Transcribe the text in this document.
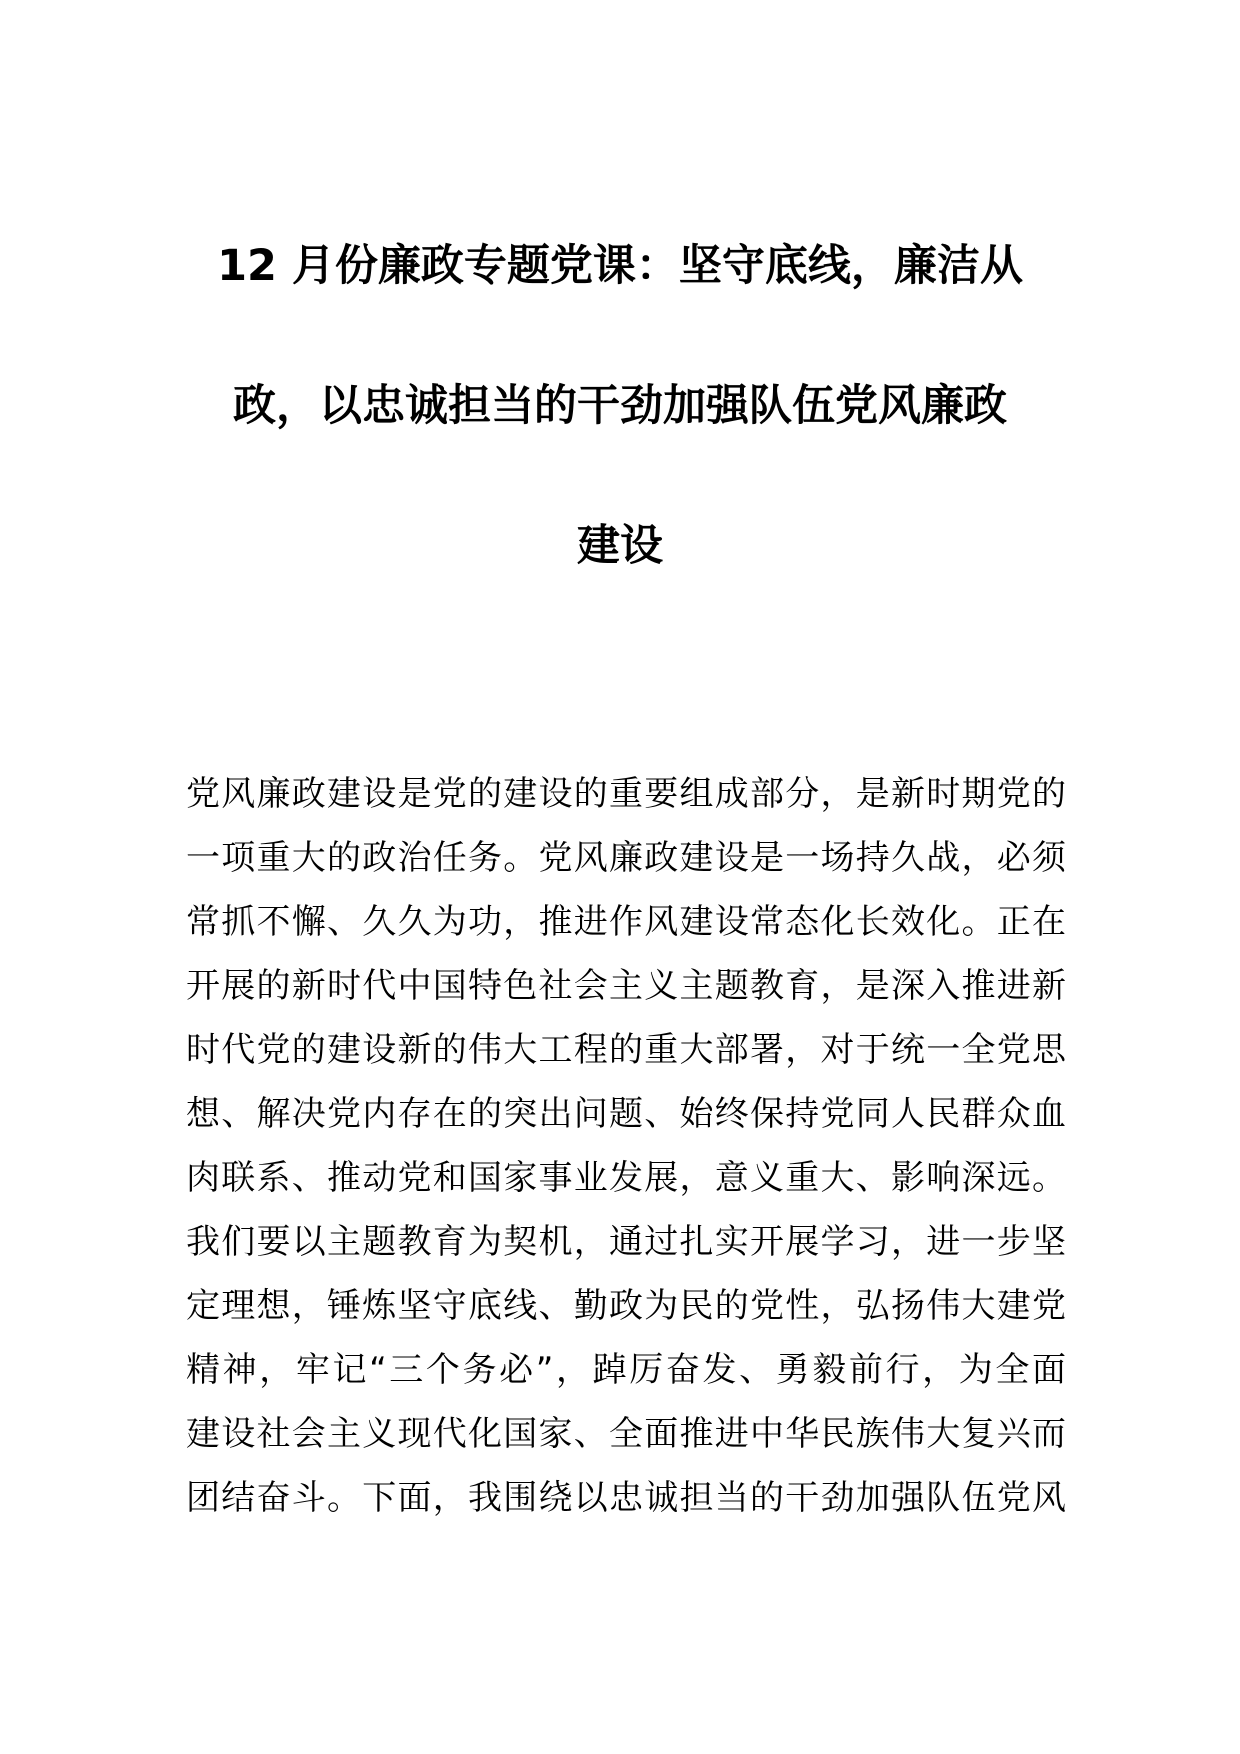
12 月份廉政专题党课：坚守底线，廉洁从
政，以忠诚担当的干劲加强队伍党风廉政
建设
党风廉政建设是党的建设的重要组成部分，是新时期党的
一项重大的政治任务。党风廉政建设是一场持久战，必须
常抓不懈、久久为功，推进作风建设常态化长效化。正在
开展的新时代中国特色社会主义主题教育，是深入推进新
时代党的建设新的伟大工程的重大部署，对于统一全党思
想、解决党内存在的突出问题、始终保持党同人民群众血
肉联系、推动党和国家事业发展，意义重大、影响深远。
我们要以主题教育为契机，通过扎实开展学习，进一步坚
定理想，锤炼坚守底线、勤政为民的党性，弘扬伟大建党
精神，牢记“三个务必”，踔厉奋发、勇毅前行，为全面
建设社会主义现代化国家、全面推进中华民族伟大复兴而
团结奋斗。下面，我围绕以忠诚担当的干劲加强队伍党风
